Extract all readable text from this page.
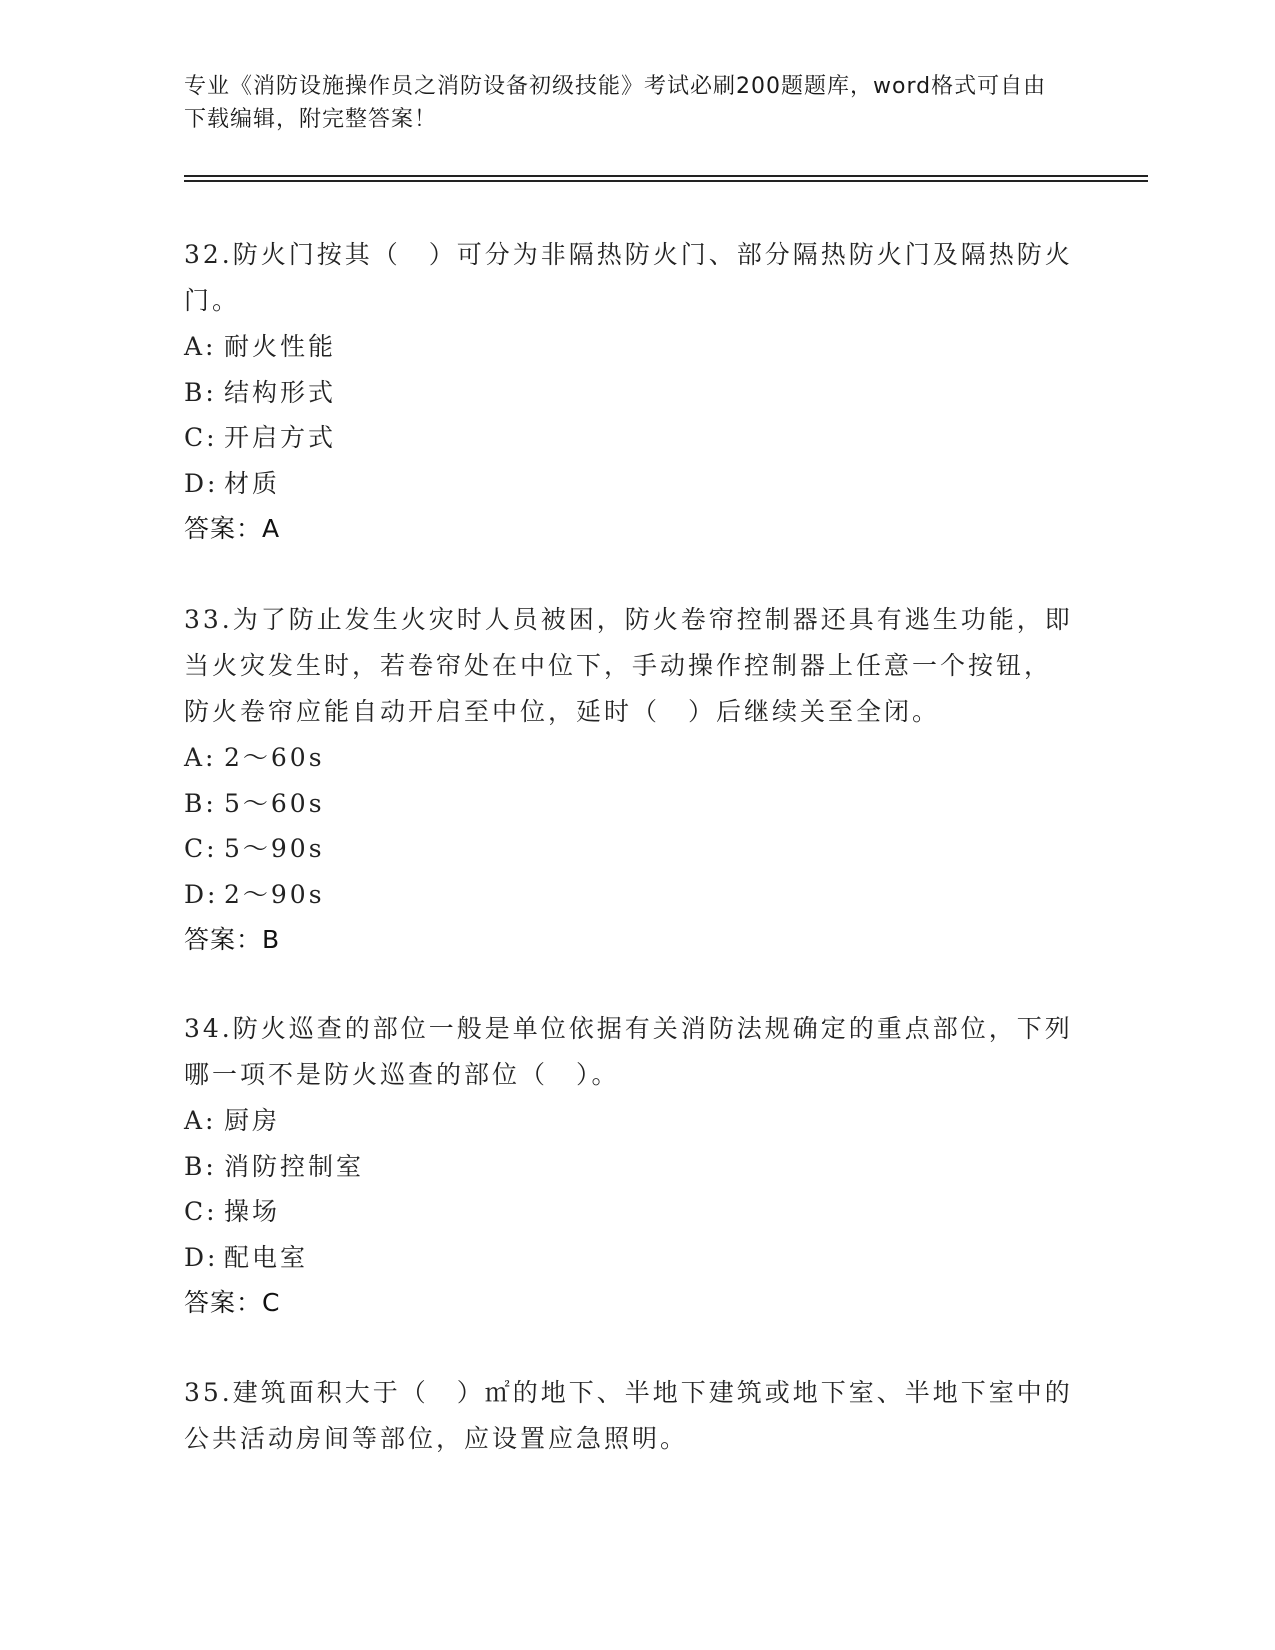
专业《消防设施操作员之消防设备初级技能》考试必刷200题题库，word格式可自由下载编辑，附完整答案！
32.防火门按其（　）可分为非隔热防火门、部分隔热防火门及隔热防火门。
A: 耐火性能
B: 结构形式
C: 开启方式
D: 材质
答案：A
33.为了防止发生火灾时人员被困，防火卷帘控制器还具有逃生功能，即当火灾发生时，若卷帘处在中位下，手动操作控制器上任意一个按钮，防火卷帘应能自动开启至中位，延时（　）后继续关至全闭。
A: 2～60s
B: 5～60s
C: 5～90s
D: 2～90s
答案：B
34.防火巡查的部位一般是单位依据有关消防法规确定的重点部位，下列哪一项不是防火巡查的部位（　）。
A: 厨房
B: 消防控制室
C: 操场
D: 配电室
答案：C
35.建筑面积大于（　）㎡的地下、半地下建筑或地下室、半地下室中的公共活动房间等部位，应设置应急照明。
